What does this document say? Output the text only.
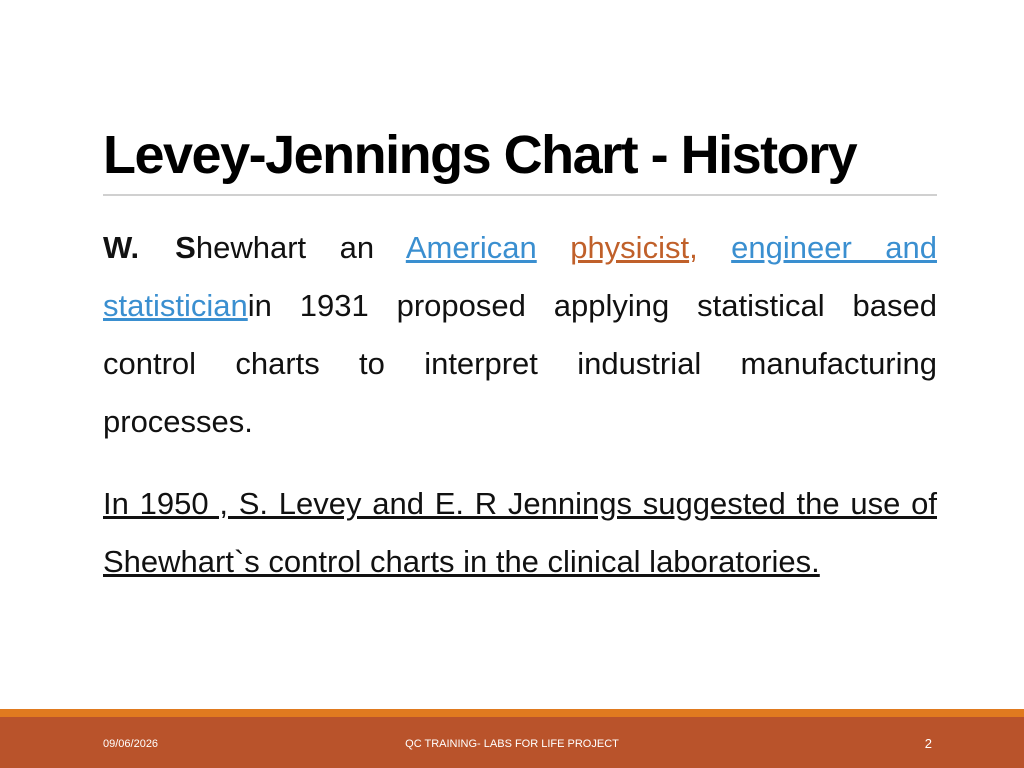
Levey-Jennings Chart - History

W. Shewhart an American physicist, engineer and statisticianin 1931 proposed applying statistical based control charts to interpret industrial manufacturing processes.

In 1950 , S. Levey and E. R Jennings suggested the use of Shewhart`s control charts in the clinical laboratories.

09/06/2026	QC TRAINING- LABS FOR LIFE PROJECT	2
